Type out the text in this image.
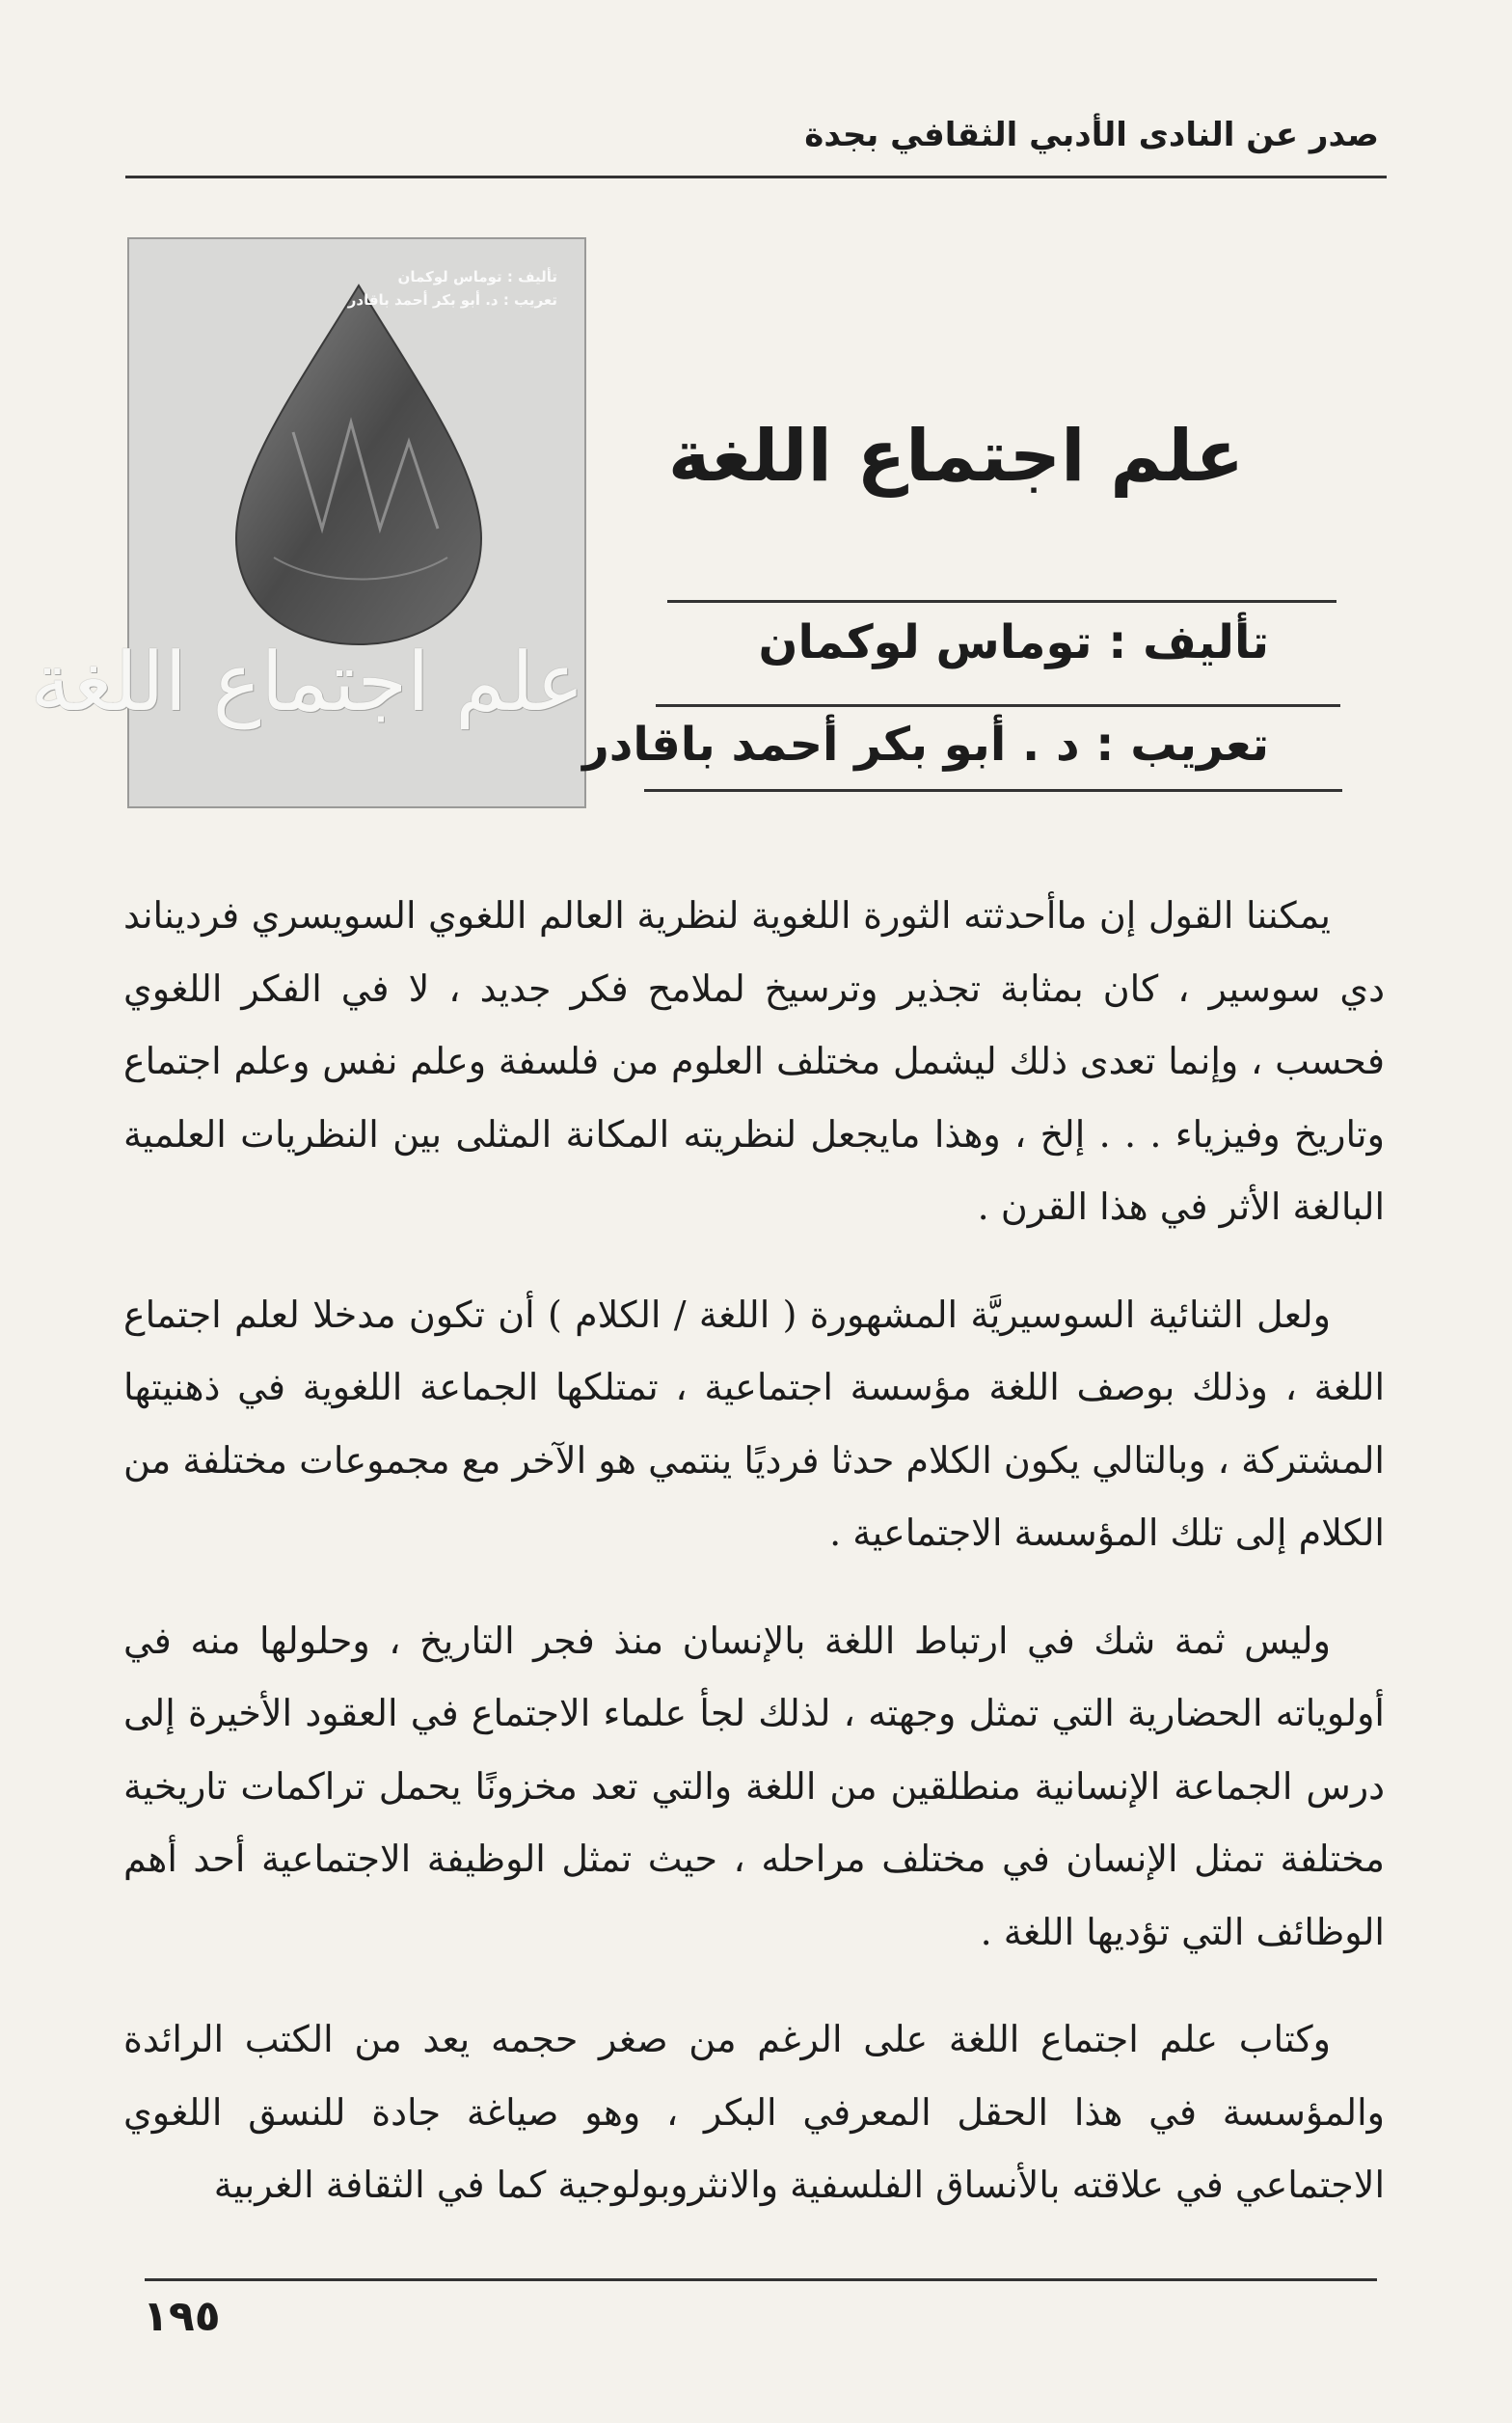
صدر عن النادى الأدبي الثقافي بجدة
تأليف : توماس لوكمان
تعريب : د. أبو بكر أحمد باقادر
علم اجتماع اللغة
علم اجتماع اللغة
تأليف : توماس لوكمان
تعريب : د . أبو بكر أحمد باقادر

يمكننا القول إن ماأحدثته الثورة اللغوية لنظرية العالم اللغوي السويسري فرديناند دي سوسير ، كان بمثابة تجذير وترسيخ لملامح فكر جديد ، لا في الفكر اللغوي فحسب ، وإنما تعدى ذلك ليشمل مختلف العلوم من فلسفة وعلم نفس وعلم اجتماع وتاريخ وفيزياء . . . إلخ ، وهذا مايجعل لنظريته المكانة المثلى بين النظريات العلمية البالغة الأثر في هذا القرن .

ولعل الثنائية السوسيريَّة المشهورة ( اللغة / الكلام ) أن تكون مدخلا لعلم اجتماع اللغة ، وذلك بوصف اللغة مؤسسة اجتماعية ، تمتلكها الجماعة اللغوية في ذهنيتها المشتركة ، وبالتالي يكون الكلام حدثا فرديًا ينتمي هو الآخر مع مجموعات مختلفة من الكلام إلى تلك المؤسسة الاجتماعية .

وليس ثمة شك في ارتباط اللغة بالإنسان منذ فجر التاريخ ، وحلولها منه في أولوياته الحضارية التي تمثل وجهته ، لذلك لجأ علماء الاجتماع في العقود الأخيرة إلى درس الجماعة الإنسانية منطلقين من اللغة والتي تعد مخزونًا يحمل تراكمات تاريخية مختلفة تمثل الإنسان في مختلف مراحله ، حيث تمثل الوظيفة الاجتماعية أحد أهم الوظائف التي تؤديها اللغة .

وكتاب علم اجتماع اللغة على الرغم من صغر حجمه يعد من الكتب الرائدة والمؤسسة في هذا الحقل المعرفي البكر ، وهو صياغة جادة للنسق اللغوي الاجتماعي في علاقته بالأنساق الفلسفية والانثروبولوجية كما في الثقافة الغربية

١٩٥
